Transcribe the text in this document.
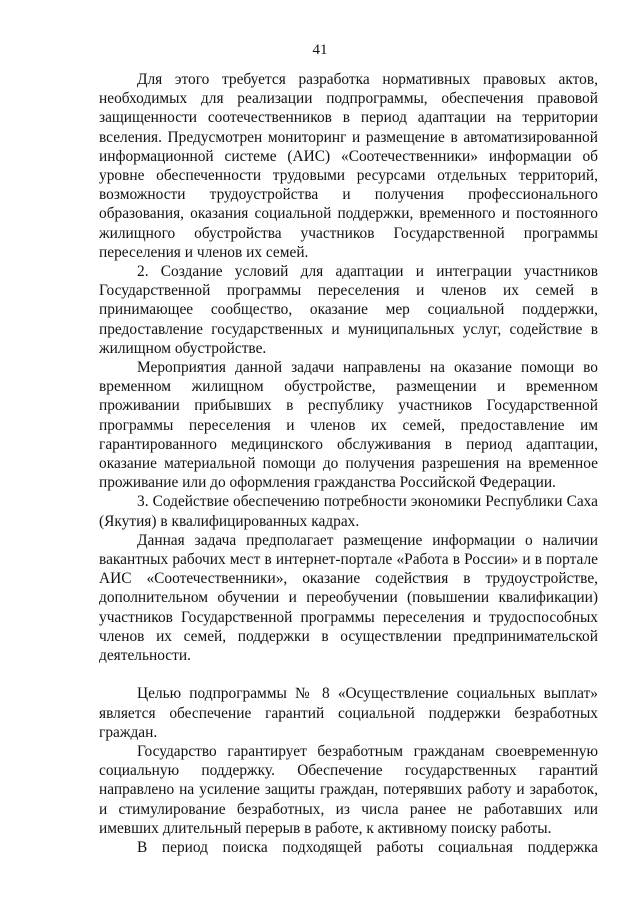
41

Для этого требуется разработка нормативных правовых актов, необходимых для реализации подпрограммы, обеспечения правовой защищенности соотечественников в период адаптации на территории вселения. Предусмотрен мониторинг и размещение в автоматизированной информационной системе (АИС) «Соотечественники» информации об уровне обеспеченности трудовыми ресурсами отдельных территорий, возможности трудоустройства и получения профессионального образования, оказания социальной поддержки, временного и постоянного жилищного обустройства участников Государственной программы переселения и членов их семей.

2. Создание условий для адаптации и интеграции участников Государственной программы переселения и членов их семей в принимающее сообщество, оказание мер социальной поддержки, предоставление государственных и муниципальных услуг, содействие в жилищном обустройстве.

Мероприятия данной задачи направлены на оказание помощи во временном жилищном обустройстве, размещении и временном проживании прибывших в республику участников Государственной программы переселения и членов их семей, предоставление им гарантированного медицинского обслуживания в период адаптации, оказание материальной помощи до получения разрешения на временное проживание или до оформления гражданства Российской Федерации.

3. Содействие обеспечению потребности экономики Республики Саха (Якутия) в квалифицированных кадрах.

Данная задача предполагает размещение информации о наличии вакантных рабочих мест в интернет-портале «Работа в России» и в портале АИС «Соотечественники», оказание содействия в трудоустройстве, дополнительном обучении и переобучении (повышении квалификации) участников Государственной программы переселения и трудоспособных членов их семей, поддержки в осуществлении предпринимательской деятельности.

Целью подпрограммы № 8 «Осуществление социальных выплат» является обеспечение гарантий социальной поддержки безработных граждан.

Государство гарантирует безработным гражданам своевременную социальную поддержку. Обеспечение государственных гарантий направлено на усиление защиты граждан, потерявших работу и заработок, и стимулирование безработных, из числа ранее не работавших или имевших длительный перерыв в работе, к активному поиску работы.

В период поиска подходящей работы социальная поддержка
